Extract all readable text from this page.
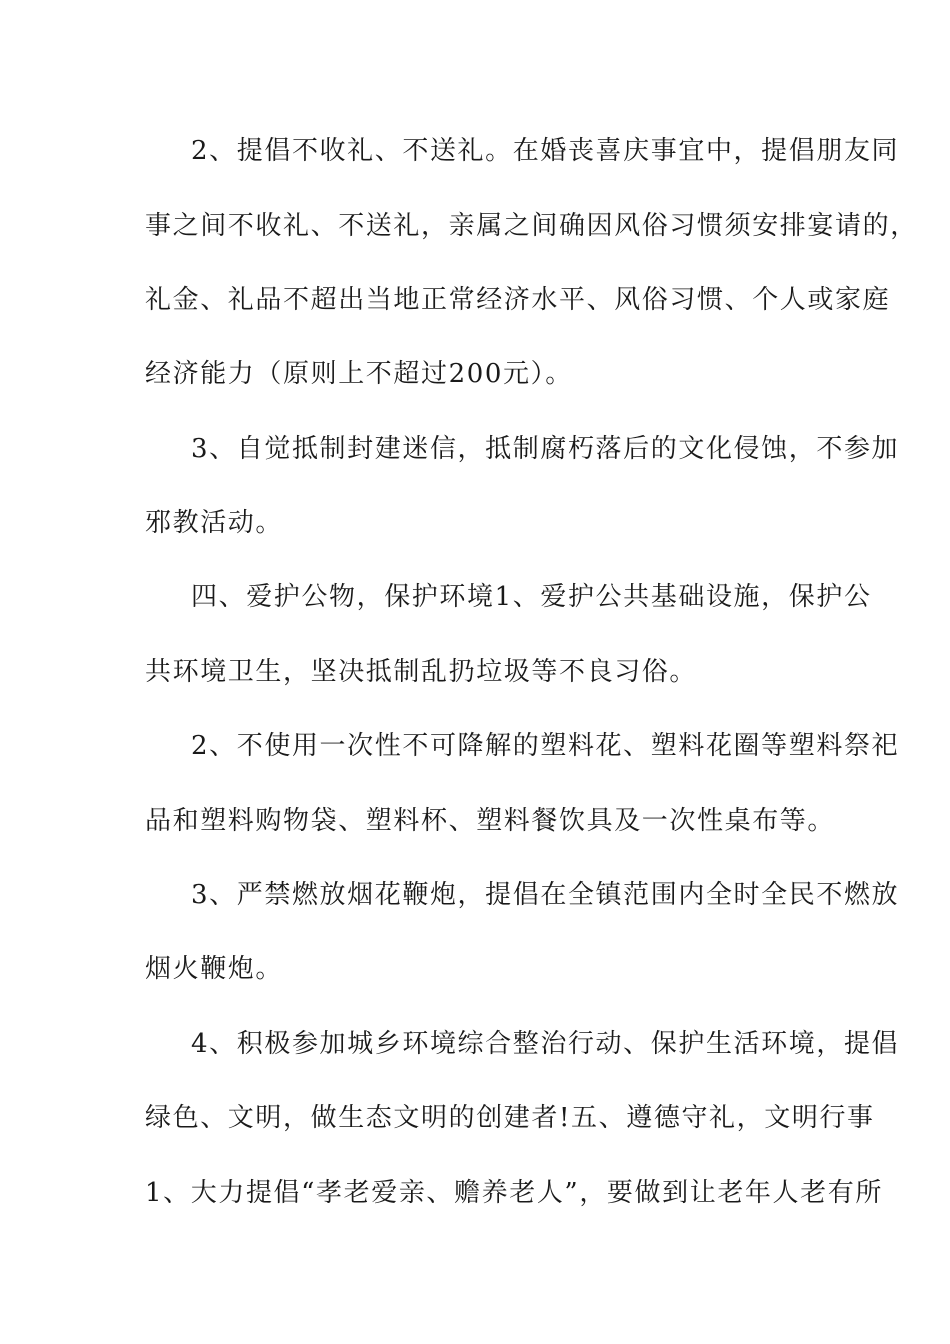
2、提倡不收礼、不送礼。在婚丧喜庆事宜中，提倡朋友同
事之间不收礼、不送礼，亲属之间确因风俗习惯须安排宴请的，
礼金、礼品不超出当地正常经济水平、风俗习惯、个人或家庭
经济能力（原则上不超过200元）。
3、自觉抵制封建迷信，抵制腐朽落后的文化侵蚀，不参加
邪教活动。
四、爱护公物，保护环境1、爱护公共基础设施，保护公
共环境卫生，坚决抵制乱扔垃圾等不良习俗。
2、不使用一次性不可降解的塑料花、塑料花圈等塑料祭祀
品和塑料购物袋、塑料杯、塑料餐饮具及一次性桌布等。
3、严禁燃放烟花鞭炮，提倡在全镇范围内全时全民不燃放
烟火鞭炮。
4、积极参加城乡环境综合整治行动、保护生活环境，提倡
绿色、文明，做生态文明的创建者!五、遵德守礼，文明行事
1、大力提倡“孝老爱亲、赡养老人”，要做到让老年人老有所
